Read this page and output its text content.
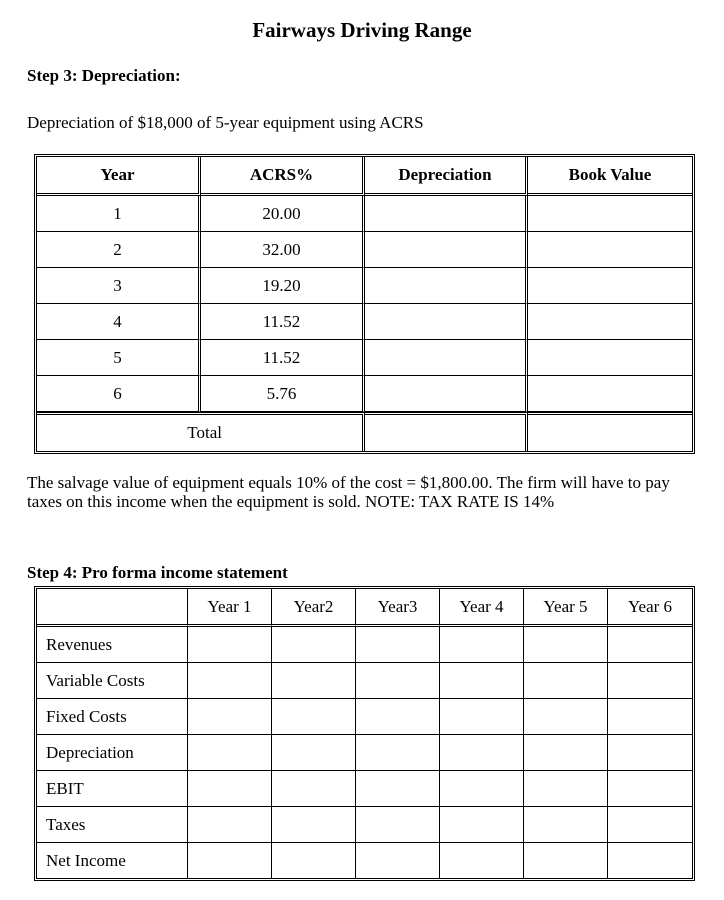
Fairways Driving Range
Step 3: Depreciation:
Depreciation of $18,000 of 5-year equipment using ACRS
Year	ACRS%	Depreciation	Book Value
1	20.00		
2	32.00		
3	19.20		
4	11.52		
5	11.52		
6	5.76		
Total			
The salvage value of equipment equals 10% of the cost = $1,800.00. The firm will have to pay taxes on this income when the equipment is sold. NOTE: TAX RATE IS 14%
Step 4: Pro forma income statement
	Year 1	Year2	Year3	Year 4	Year 5	Year 6
Revenues						
Variable Costs						
Fixed Costs						
Depreciation						
EBIT						
Taxes						
Net Income						
